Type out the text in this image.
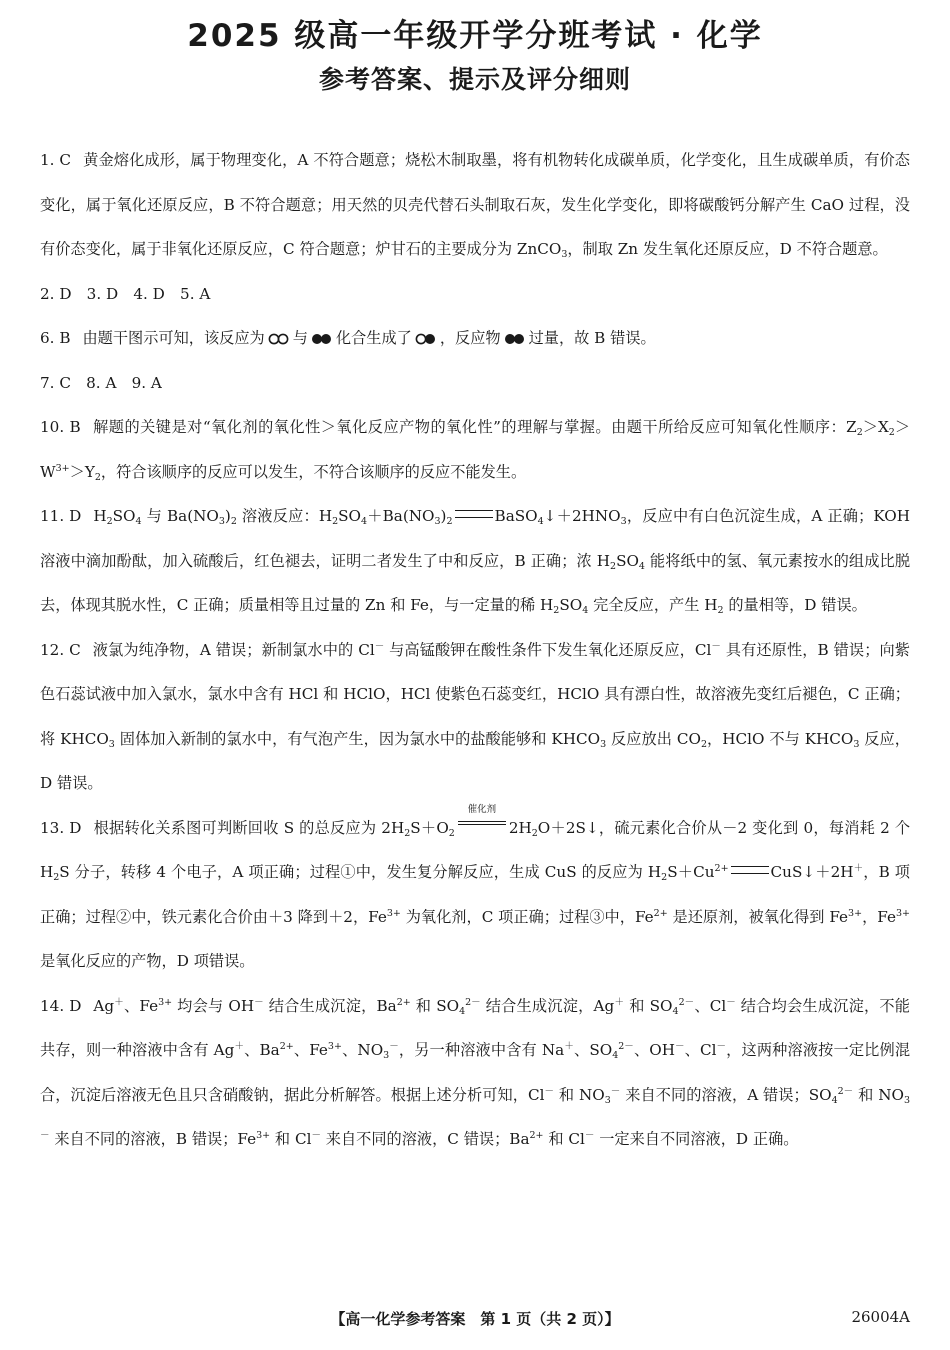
2025 级高一年级开学分班考试 · 化学
参考答案、提示及评分细则

1. C 黄金熔化成形，属于物理变化，A 不符合题意；烧松木制取墨，将有机物转化成碳单质，化学变化，且生成碳单质，有价态变化，属于氧化还原反应，B 不符合题意；用天然的贝壳代替石头制取石灰，发生化学变化，即将碳酸钙分解产生 CaO 过程，没有价态变化，属于非氧化还原反应，C 符合题意；炉甘石的主要成分为 ZnCO$_3$，制取 Zn 发生氧化还原反应，D 不符合题意。

2. D　3. D　4. D　5. A

6. B 由题干图示可知，该反应为 与 化合生成了 ，反应物 过量，故 B 错误。

7. C　8. A　9. A

10. B 解题的关键是对“氧化剂的氧化性＞氧化反应产物的氧化性”的理解与掌握。由题干所给反应可知氧化性顺序：$Z_2>X_2>W^{3+}>Y_2$，符合该顺序的反应可以发生，不符合该顺序的反应不能发生。

11. D $H_2SO_4$ 与 $Ba(NO_3)_2$ 溶液反应：$H_2SO_4+Ba(NO_3)_2$	$BaSO_4↓+2HNO_3$，反应中有白色沉淀生成，A 正确；KOH 溶液中滴加酚酞，加入硫酸后，红色褪去，证明二者发生了中和反应，B 正确；浓 $H_2SO_4$ 能将纸中的氢、氧元素按水的组成比脱去，体现其脱水性，C 正确；质量相等且过量的 Zn 和 Fe，与一定量的稀 $H_2SO_4$ 完全反应，产生 $H_2$ 的量相等，D 错误。

12. C 液氯为纯净物，A 错误；新制氯水中的 Cl－ 与高锰酸钾在酸性条件下发生氧化还原反应，Cl－ 具有还原性，B 错误；向紫色石蕊试液中加入氯水，氯水中含有 HCl 和 HClO，HCl 使紫色石蕊变红，HClO 具有漂白性，故溶液先变红后褪色，C 正确；将 $KHCO_3$ 固体加入新制的氯水中，有气泡产生，因为氯水中的盐酸能够和 $KHCO_3$ 反应放出 $CO_2$，HClO 不与 $KHCO_3$ 反应，D 错误。

13. D 根据转化关系图可判断回收 S 的总反应为 $2H_2S+O_2$
催化剂
$2H_2O+2S↓$，硫元素化合价从－2 变化到 0，每消耗 2 个 $H_2S$ 分子，转移 4 个电子，A 项正确；过程①中，发生复分解反应，生成 CuS 的反应为 $H_2S+Cu^{2+}$	CuS↓＋2H＋，B 项正确；过程②中，铁元素化合价由＋3 降到＋2，$Fe^{3+}$ 为氧化剂，C 项正确；过程③中，$Fe^{2+}$ 是还原剂，被氧化得到 $Fe^{3+}$，$Fe^{3+}$ 是氧化反应的产物，D 项错误。

14. D Ag＋、$Fe^{3+}$ 均会与 OH－ 结合生成沉淀，$Ba^{2+}$ 和 $SO_4^{2-}$ 结合生成沉淀，Ag＋ 和 $SO_4^{2-}$、Cl－ 结合均会生成沉淀，不能共存，则一种溶液中含有 Ag＋、$Ba^{2+}$、$Fe^{3+}$、$NO_3^-$，另一种溶液中含有 Na＋、$SO_4^{2-}$、OH－、Cl－，这两种溶液按一定比例混合，沉淀后溶液无色且只含硝酸钠，据此分析解答。根据上述分析可知，Cl－ 和 $NO_3^-$ 来自不同的溶液，A 错误；$SO_4^{2-}$ 和 $NO_3^-$ 来自不同的溶液，B 错误；$Fe^{3+}$ 和 Cl－ 来自不同的溶液，C 错误；$Ba^{2+}$ 和 Cl－ 一定来自不同溶液，D 正确。

【高一化学参考答案　第 1 页（共 2 页）】	26004A
